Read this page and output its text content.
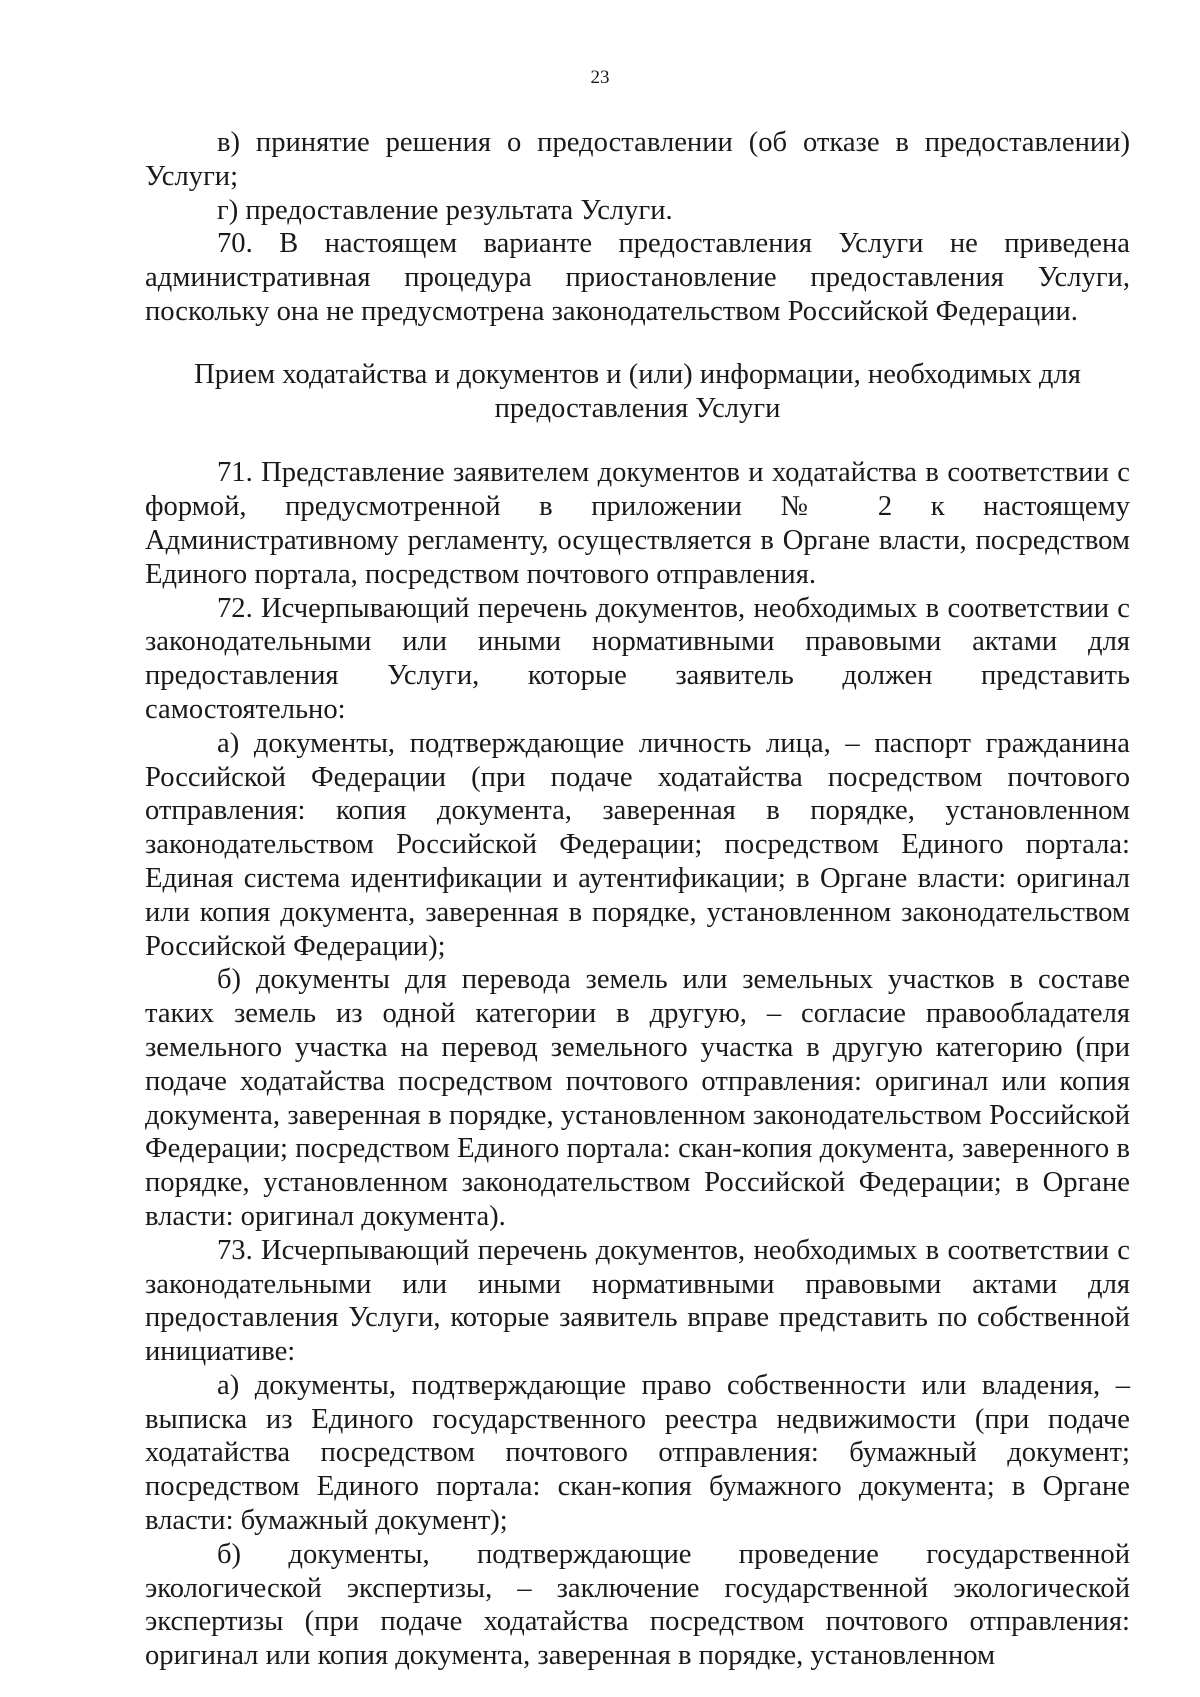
23

в) принятие решения о предоставлении (об отказе в предоставлении) Услуги;

г) предоставление результата Услуги.

70. В настоящем варианте предоставления Услуги не приведена административная процедура приостановление предоставления Услуги, поскольку она не предусмотрена законодательством Российской Федерации.

Прием ходатайства и документов и (или) информации, необходимых для предоставления Услуги

71. Представление заявителем документов и ходатайства в соответствии с формой, предусмотренной в приложении № 2 к настоящему Административному регламенту, осуществляется в Органе власти, посредством Единого портала, посредством почтового отправления.

72. Исчерпывающий перечень документов, необходимых в соответствии с законодательными или иными нормативными правовыми актами для предоставления Услуги, которые заявитель должен представить самостоятельно:

а) документы, подтверждающие личность лица, – паспорт гражданина Российской Федерации (при подаче ходатайства посредством почтового отправления: копия документа, заверенная в порядке, установленном законодательством Российской Федерации; посредством Единого портала: Единая система идентификации и аутентификации; в Органе власти: оригинал или копия документа, заверенная в порядке, установленном законодательством Российской Федерации);

б) документы для перевода земель или земельных участков в составе таких земель из одной категории в другую, – согласие правообладателя земельного участка на перевод земельного участка в другую категорию (при подаче ходатайства посредством почтового отправления: оригинал или копия документа, заверенная в порядке, установленном законодательством Российской Федерации; посредством Единого портала: скан-копия документа, заверенного в порядке, установленном законодательством Российской Федерации; в Органе власти: оригинал документа).

73. Исчерпывающий перечень документов, необходимых в соответствии с законодательными или иными нормативными правовыми актами для предоставления Услуги, которые заявитель вправе представить по собственной инициативе:

а) документы, подтверждающие право собственности или владения, – выписка из Единого государственного реестра недвижимости (при подаче ходатайства посредством почтового отправления: бумажный документ; посредством Единого портала: скан-копия бумажного документа; в Органе власти: бумажный документ);

б) документы, подтверждающие проведение государственной экологической экспертизы, – заключение государственной экологической экспертизы (при подаче ходатайства посредством почтового отправления: оригинал или копия документа, заверенная в порядке, установленном
